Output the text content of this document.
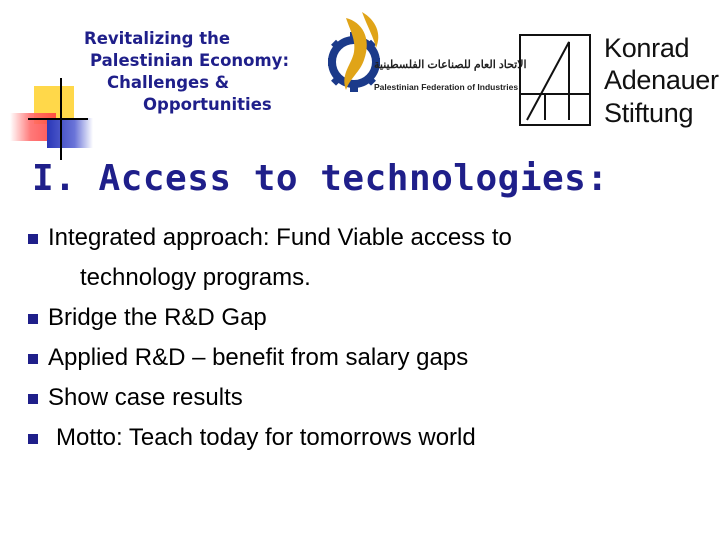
Revitalizing the
Palestinian Economy:
Challenges &
Opportunities
الاتحاد العام للصناعات الفلسطينية
Palestinian Federation of Industries
Konrad
Adenauer
Stiftung
I. Access to technologies:
Integrated approach: Fund Viable access to
technology programs.
Bridge the R&D Gap
Applied R&D – benefit from salary gaps
Show case results
Motto: Teach today for tomorrows world
